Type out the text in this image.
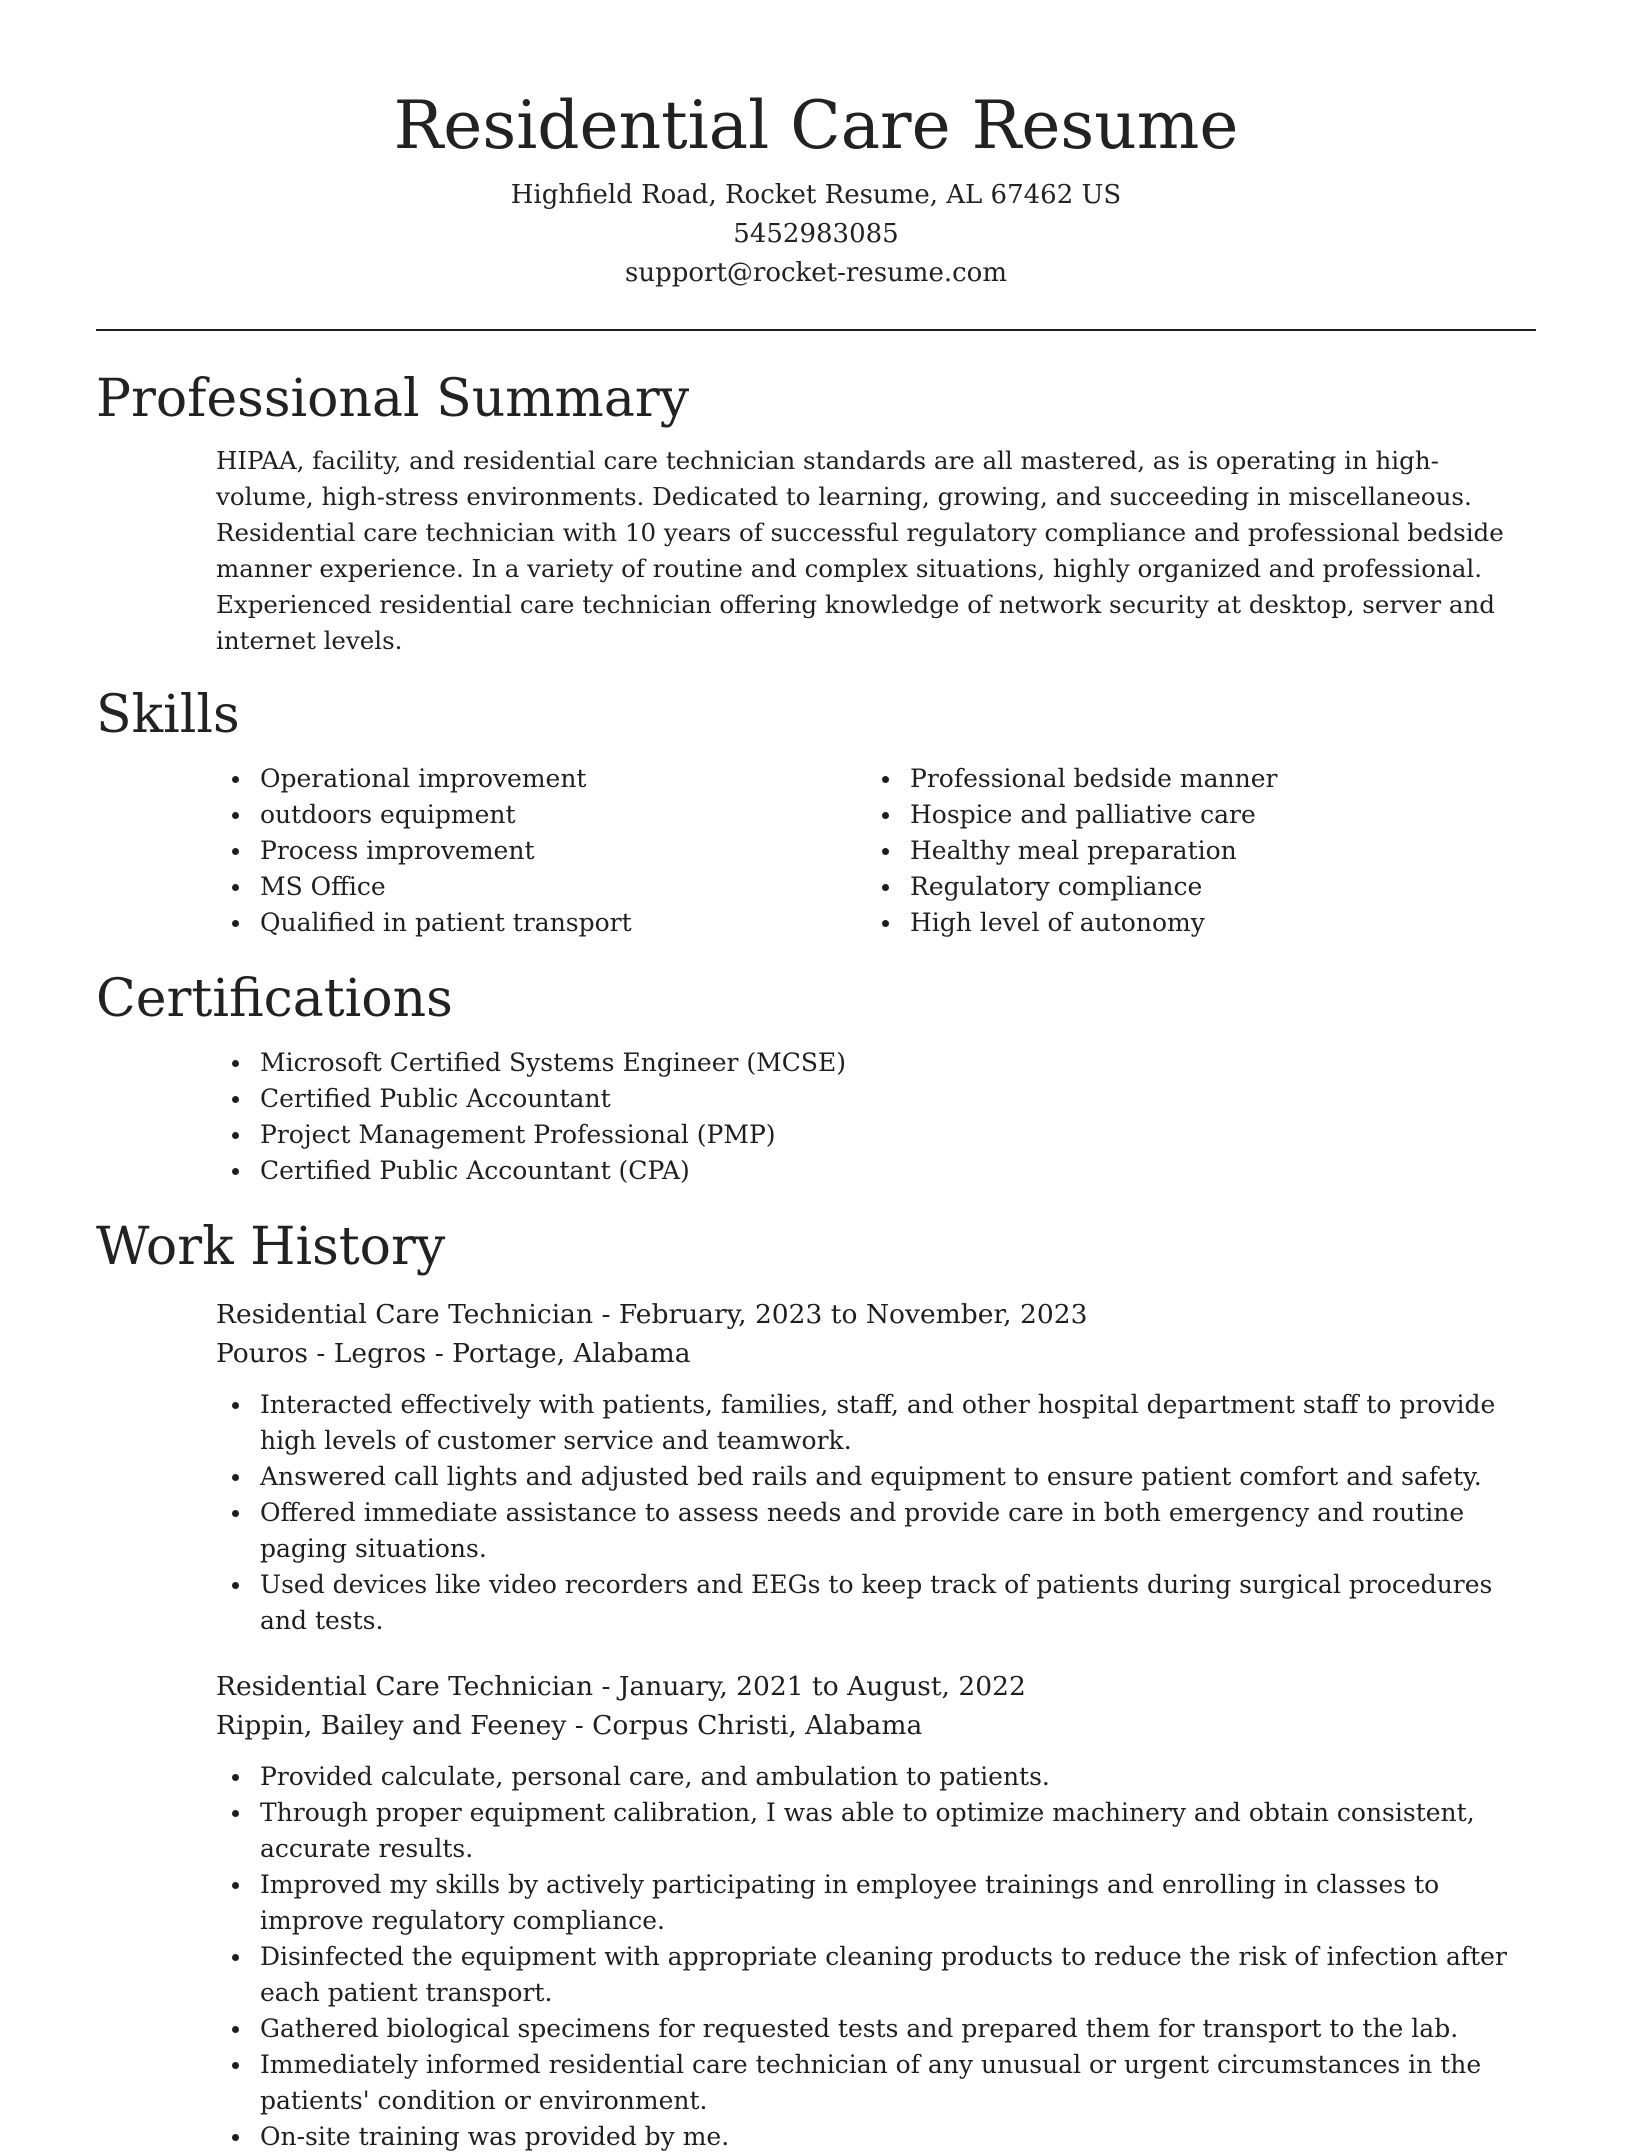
Residential Care Resume
Highfield Road, Rocket Resume, AL 67462 US
5452983085
support@rocket-resume.com
Professional Summary

HIPAA, facility, and residential care technician standards are all mastered, as is operating in high-volume, high-stress environments. Dedicated to learning, growing, and succeeding in miscellaneous. Residential care technician with 10 years of successful regulatory compliance and professional bedside manner experience. In a variety of routine and complex situations, highly organized and professional. Experienced residential care technician offering knowledge of network security at desktop, server and internet levels.

Skills
Operational improvement
outdoors equipment
Process improvement
MS Office
Qualified in patient transport
Professional bedside manner
Hospice and palliative care
Healthy meal preparation
Regulatory compliance
High level of autonomy
Certifications
Microsoft Certified Systems Engineer (MCSE)
Certified Public Accountant
Project Management Professional (PMP)
Certified Public Accountant (CPA)
Work History
Residential Care Technician - February, 2023 to November, 2023
Pouros - Legros - Portage, Alabama
Interacted effectively with patients, families, staff, and other hospital department staff to provide high levels of customer service and teamwork.
Answered call lights and adjusted bed rails and equipment to ensure patient comfort and safety.
Offered immediate assistance to assess needs and provide care in both emergency and routine paging situations.
Used devices like video recorders and EEGs to keep track of patients during surgical procedures and tests.
Residential Care Technician - January, 2021 to August, 2022
Rippin, Bailey and Feeney - Corpus Christi, Alabama
Provided calculate, personal care, and ambulation to patients.
Through proper equipment calibration, I was able to optimize machinery and obtain consistent, accurate results.
Improved my skills by actively participating in employee trainings and enrolling in classes to improve regulatory compliance.
Disinfected the equipment with appropriate cleaning products to reduce the risk of infection after each patient transport.
Gathered biological specimens for requested tests and prepared them for transport to the lab.
Immediately informed residential care technician of any unusual or urgent circumstances in the patients' condition or environment.
On-site training was provided by me.
